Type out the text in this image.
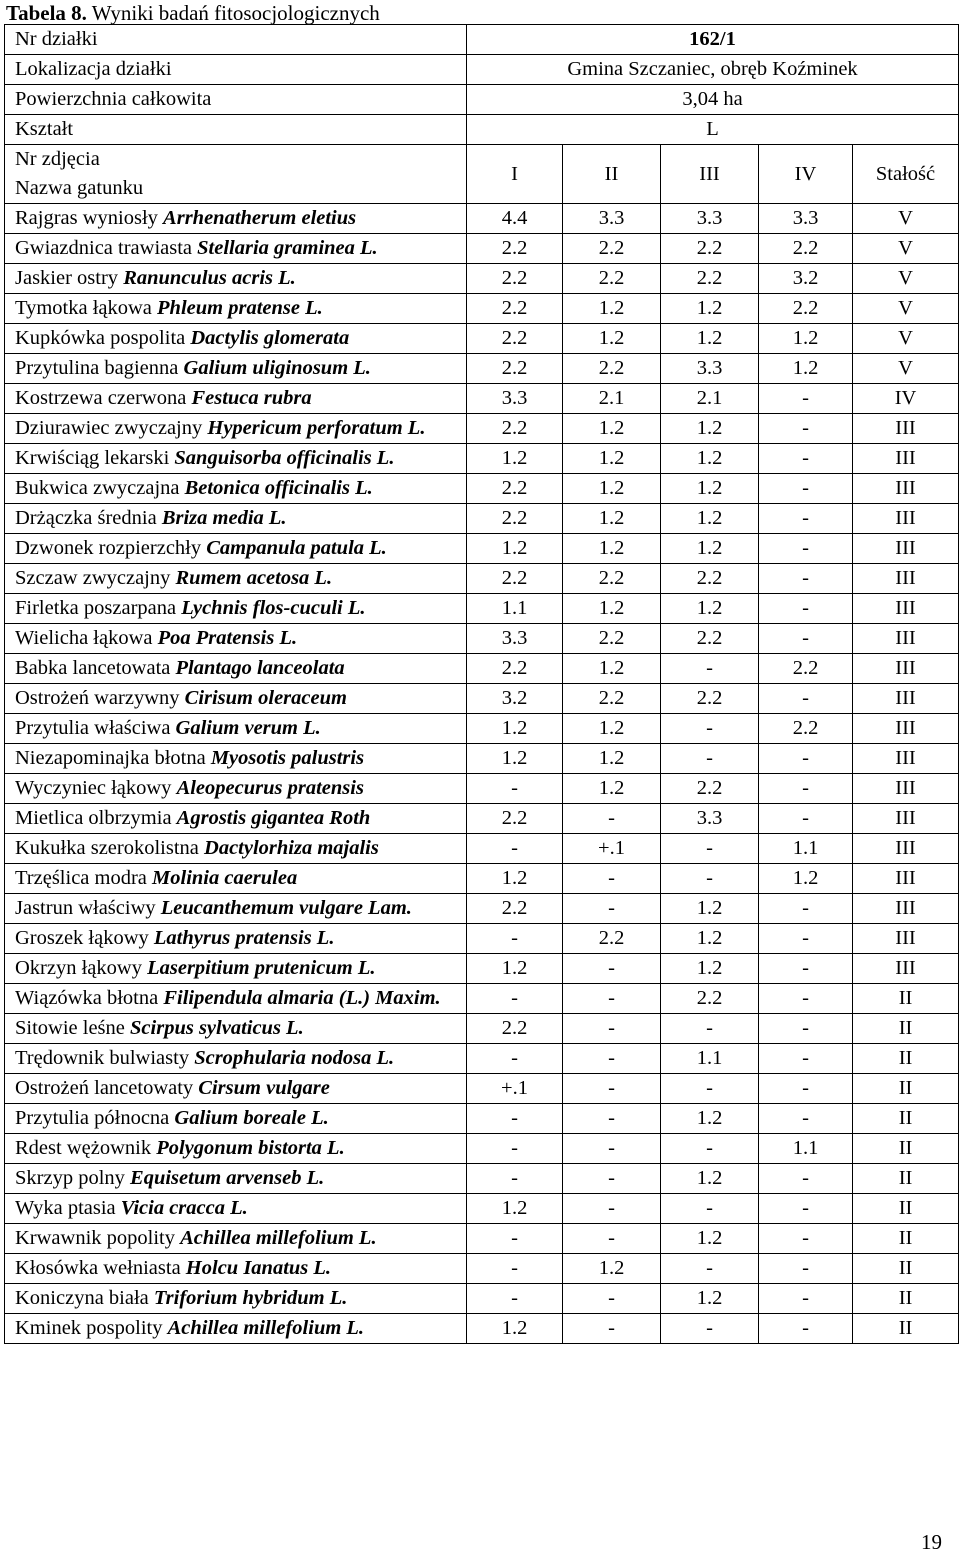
Tabela 8. Wyniki badań fitosocjologicznych
Nr działki	162/1				
Lokalizacja działki	Gmina Szczaniec, obręb Koźminek				
Powierzchnia całkowita	3,04 ha				
Kształt	L				

Nr zdjęcia
Nazwa gatunku	I	II	III	IV	Stałość
Rajgras wyniosły Arrhenatherum eletius	4.4	3.3	3.3	3.3	V
Gwiazdnica trawiasta Stellaria graminea L.	2.2	2.2	2.2	2.2	V
Jaskier ostry Ranunculus acris L.	2.2	2.2	2.2	3.2	V
Tymotka łąkowa Phleum pratense L.	2.2	1.2	1.2	2.2	V
Kupkówka pospolita Dactylis glomerata	2.2	1.2	1.2	1.2	V
Przytulina bagienna Galium uliginosum L.	2.2	2.2	3.3	1.2	V
Kostrzewa czerwona Festuca rubra	3.3	2.1	2.1	-	IV
Dziurawiec zwyczajny Hypericum perforatum L.	2.2	1.2	1.2	-	III
Krwiściąg lekarski Sanguisorba officinalis L.	1.2	1.2	1.2	-	III
Bukwica zwyczajna Betonica officinalis L.	2.2	1.2	1.2	-	III
Drżączka średnia Briza media L.	2.2	1.2	1.2	-	III
Dzwonek rozpierzchły Campanula patula L.	1.2	1.2	1.2	-	III
Szczaw zwyczajny Rumem acetosa L.	2.2	2.2	2.2	-	III
Firletka poszarpana Lychnis flos-cuculi L.	1.1	1.2	1.2	-	III
Wielicha łąkowa Poa Pratensis L.	3.3	2.2	2.2	-	III
Babka lancetowata Plantago lanceolata	2.2	1.2	-	2.2	III
Ostrożeń warzywny Cirisum oleraceum	3.2	2.2	2.2	-	III
Przytulia właściwa Galium verum L.	1.2	1.2	-	2.2	III
Niezapominajka błotna Myosotis palustris	1.2	1.2	-	-	III
Wyczyniec łąkowy Aleopecurus pratensis	-	1.2	2.2	-	III
Mietlica olbrzymia Agrostis gigantea Roth	2.2	-	3.3	-	III
Kukułka szerokolistna Dactylorhiza majalis	-	+.1	-	1.1	III
Trzęślica modra Molinia caerulea	1.2	-	-	1.2	III
Jastrun właściwy Leucanthemum vulgare Lam.	2.2	-	1.2	-	III
Groszek łąkowy Lathyrus pratensis L.	-	2.2	1.2	-	III
Okrzyn łąkowy Laserpitium prutenicum L.	1.2	-	1.2	-	III
Wiązówka błotna Filipendula almaria (L.) Maxim.	-	-	2.2	-	II
Sitowie leśne Scirpus sylvaticus L.	2.2	-	-	-	II
Trędownik bulwiasty Scrophularia nodosa L.	-	-	1.1	-	II
Ostrożeń lancetowaty Cirsum vulgare	+.1	-	-	-	II
Przytulia północna Galium boreale L.	-	-	1.2	-	II
Rdest wężownik Polygonum bistorta L.	-	-	-	1.1	II
Skrzyp polny Equisetum arvenseb L.	-	-	1.2	-	II
Wyka ptasia Vicia cracca L.	1.2	-	-	-	II
Krwawnik popolity Achillea millefolium L.	-	-	1.2	-	II
Kłosówka wełniasta Holcu Ianatus L.	-	1.2	-	-	II
Koniczyna biała Triforium hybridum L.	-	-	1.2	-	II
Kminek pospolity Achillea millefolium L.	1.2	-	-	-	II
19
